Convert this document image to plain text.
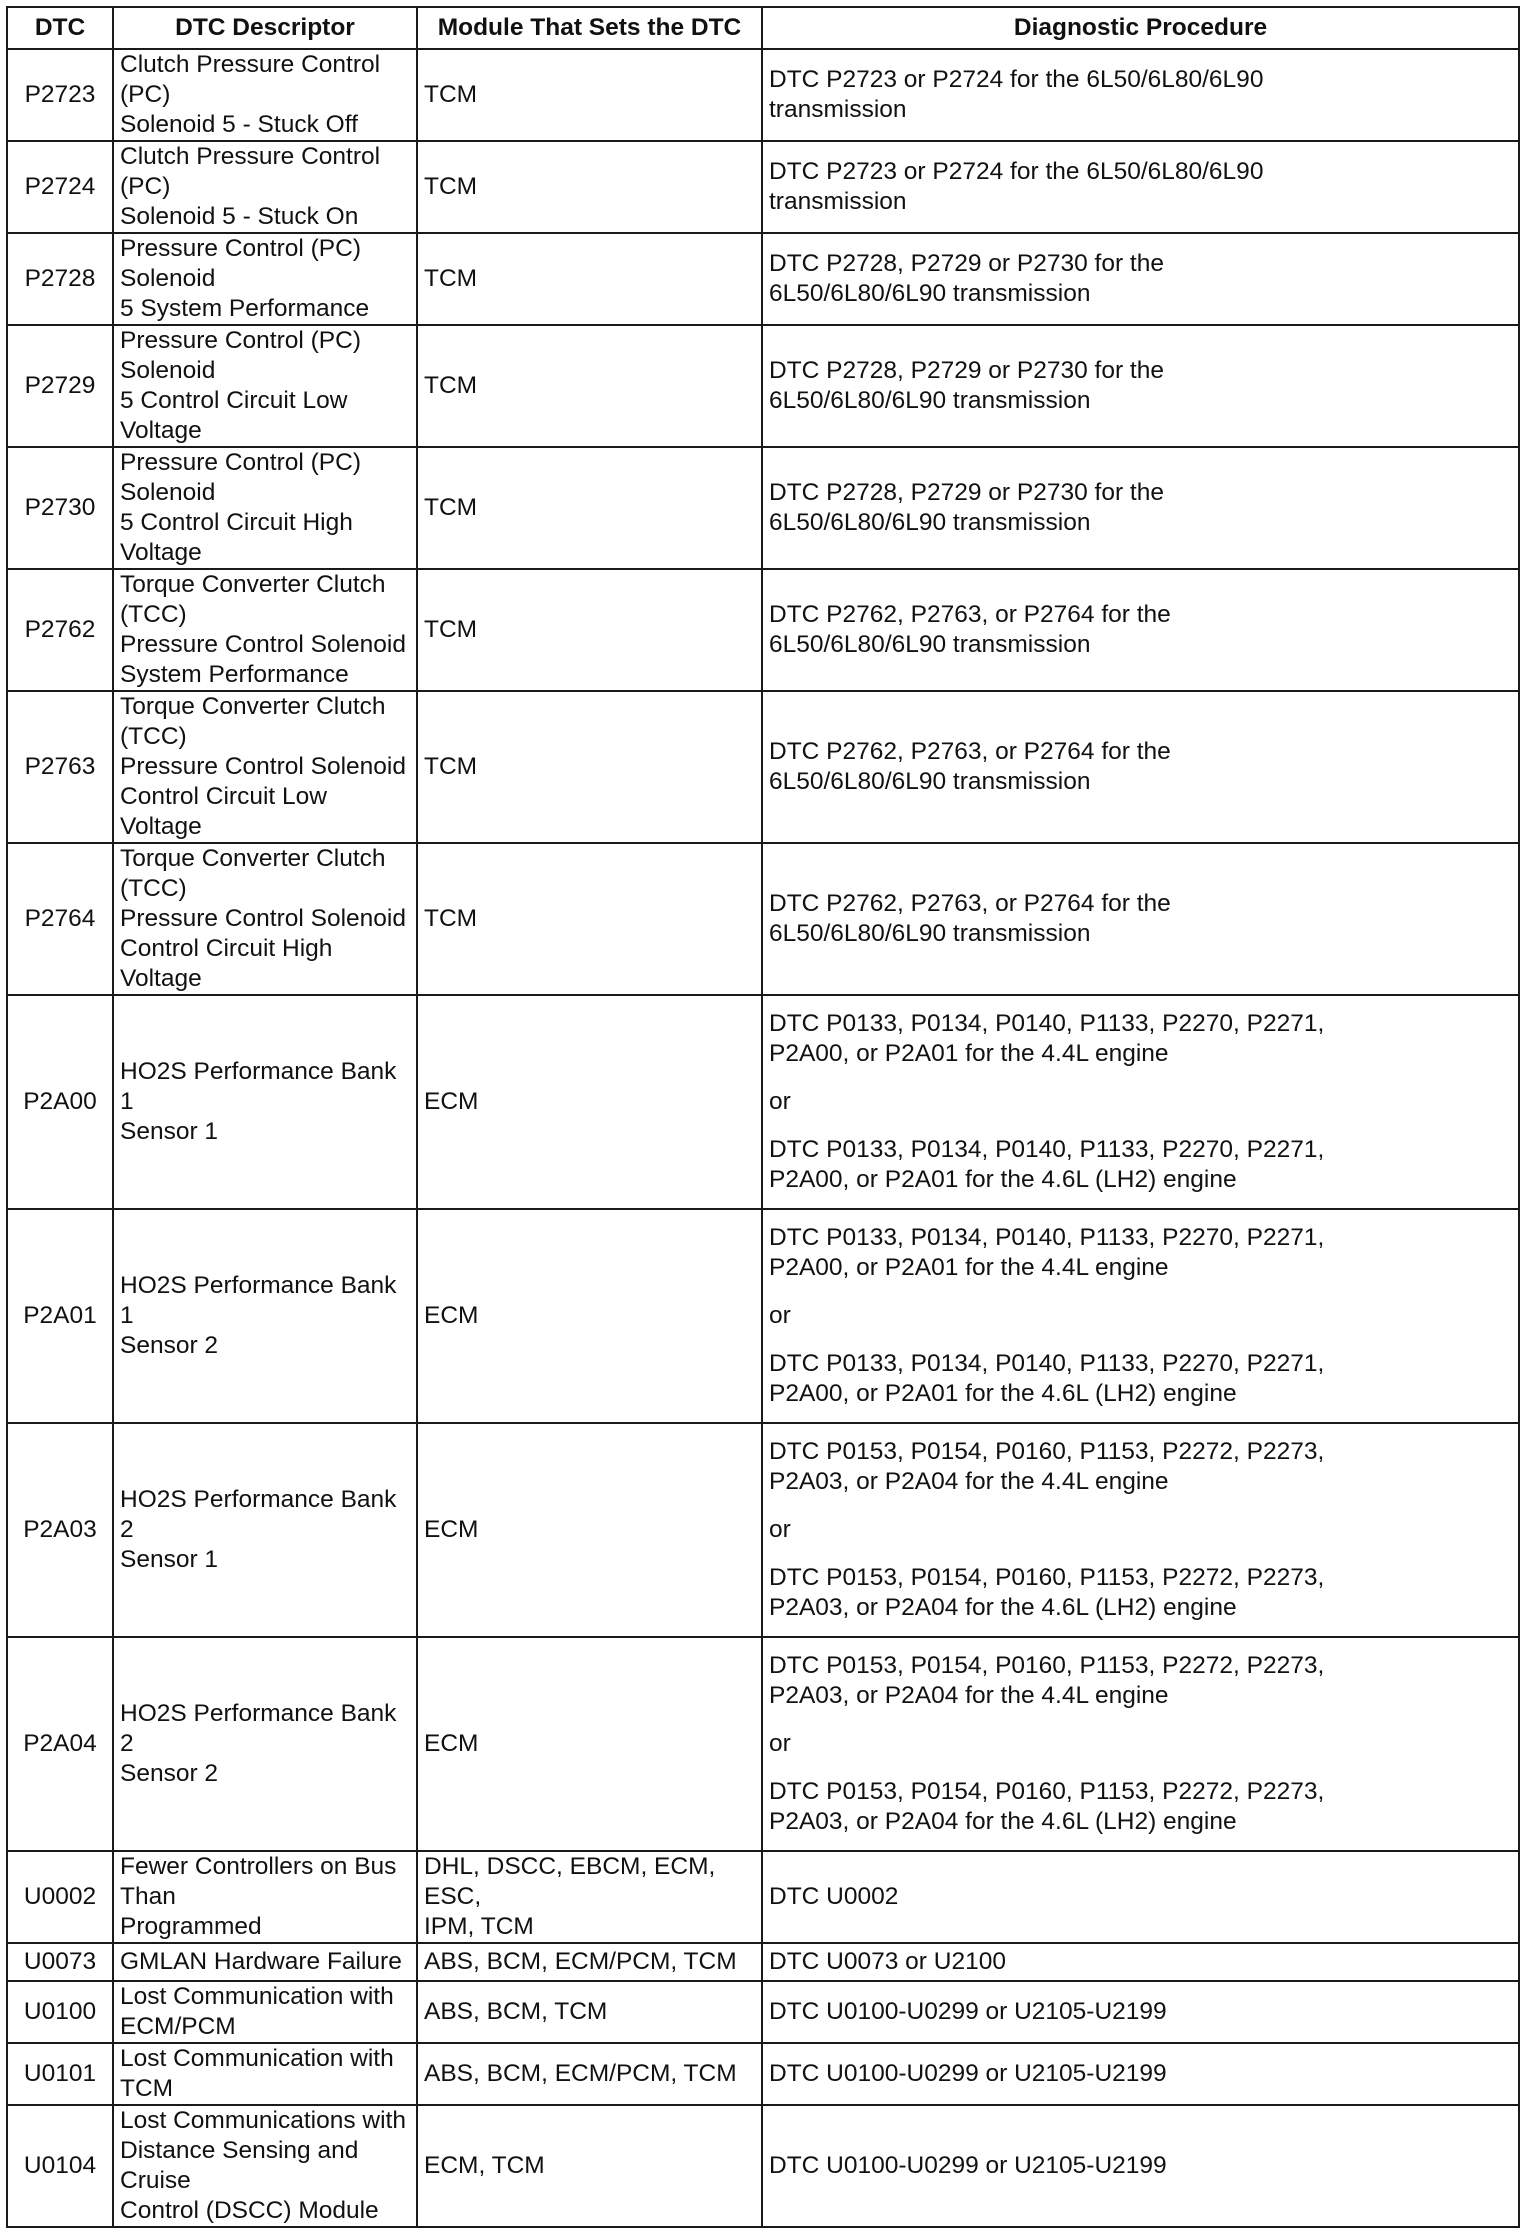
DTC	DTC Descriptor	Module That Sets the DTC	Diagnostic Procedure
P2723	Clutch Pressure Control (PC)
Solenoid 5 - Stuck Off	TCM	DTC P2723 or P2724 for the 6L50/6L80/6L90
transmission

P2724	Clutch Pressure Control (PC)
Solenoid 5 - Stuck On	TCM	DTC P2723 or P2724 for the 6L50/6L80/6L90
transmission

P2728	Pressure Control (PC) Solenoid
5 System Performance	TCM	DTC P2728, P2729 or P2730 for the
6L50/6L80/6L90 transmission

P2729	Pressure Control (PC) Solenoid
5 Control Circuit Low Voltage	TCM	DTC P2728, P2729 or P2730 for the
6L50/6L80/6L90 transmission

P2730	Pressure Control (PC) Solenoid
5 Control Circuit High Voltage	TCM	DTC P2728, P2729 or P2730 for the
6L50/6L80/6L90 transmission

P2762	Torque Converter Clutch (TCC)
Pressure Control Solenoid
System Performance	TCM	DTC P2762, P2763, or P2764 for the
6L50/6L80/6L90 transmission

P2763	Torque Converter Clutch (TCC)
Pressure Control Solenoid
Control Circuit Low Voltage	TCM	DTC P2762, P2763, or P2764 for the
6L50/6L80/6L90 transmission

P2764	Torque Converter Clutch (TCC)
Pressure Control Solenoid
Control Circuit High Voltage	TCM	DTC P2762, P2763, or P2764 for the
6L50/6L80/6L90 transmission

P2A00	HO2S Performance Bank 1
Sensor 1	ECM	DTC P0133, P0134, P0140, P1133, P2270, P2271,
P2A00, or P2A01 for the 4.4L engine
or
DTC P0133, P0134, P0140, P1133, P2270, P2271,
P2A00, or P2A01 for the 4.6L (LH2) engine

P2A01	HO2S Performance Bank 1
Sensor 2	ECM	DTC P0133, P0134, P0140, P1133, P2270, P2271,
P2A00, or P2A01 for the 4.4L engine
or
DTC P0133, P0134, P0140, P1133, P2270, P2271,
P2A00, or P2A01 for the 4.6L (LH2) engine

P2A03	HO2S Performance Bank 2
Sensor 1	ECM	DTC P0153, P0154, P0160, P1153, P2272, P2273,
P2A03, or P2A04 for the 4.4L engine
or
DTC P0153, P0154, P0160, P1153, P2272, P2273,
P2A03, or P2A04 for the 4.6L (LH2) engine

P2A04	HO2S Performance Bank 2
Sensor 2	ECM	DTC P0153, P0154, P0160, P1153, P2272, P2273,
P2A03, or P2A04 for the 4.4L engine
or
DTC P0153, P0154, P0160, P1153, P2272, P2273,
P2A03, or P2A04 for the 4.6L (LH2) engine

U0002	Fewer Controllers on Bus Than
Programmed	DHL, DSCC, EBCM, ECM, ESC,
IPM, TCM	DTC U0002

U0073	GMLAN Hardware Failure	ABS, BCM, ECM/PCM, TCM	DTC U0073 or U2100

U0100	Lost Communication with
ECM/PCM	ABS, BCM, TCM	DTC U0100-U0299 or U2105-U2199

U0101	Lost Communication with TCM	ABS, BCM, ECM/PCM, TCM	DTC U0100-U0299 or U2105-U2199

U0104	Lost Communications with
Distance Sensing and Cruise
Control (DSCC) Module	ECM, TCM	DTC U0100-U0299 or U2105-U2199
